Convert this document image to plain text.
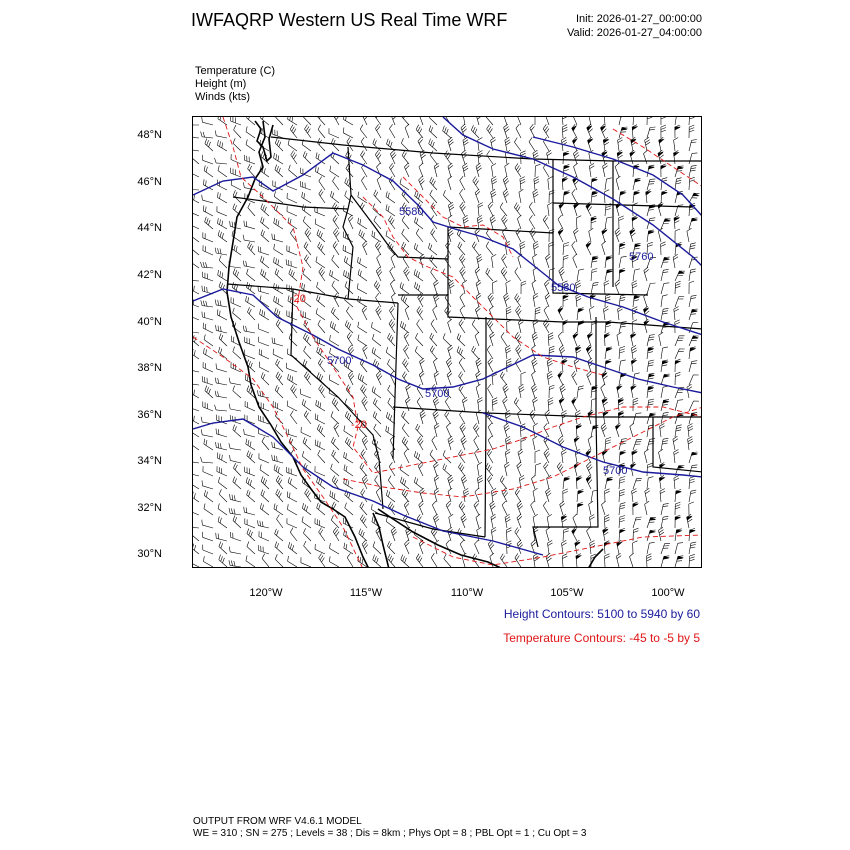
IWFAQRP Western US Real Time WRF	Init: 2026-01-27_00:00:00
Valid: 2026-01-27_04:00:00
Temperature (C)
Height (m)
Winds (kts)
48°N
46°N
44°N
42°N
40°N
38°N
36°N
34°N
32°N
30°N
120°W	115°W	110°W	105°W	100°W
5580
5700
5700
5700
5760
5580
-20
-20
Height Contours: 5100 to 5940 by 60
Temperature Contours: -45 to -5 by 5
OUTPUT FROM WRF V4.6.1 MODEL
WE = 310 ; SN = 275 ; Levels = 38 ; Dis = 8km ; Phys Opt = 8 ; PBL Opt = 1 ; Cu Opt = 3
